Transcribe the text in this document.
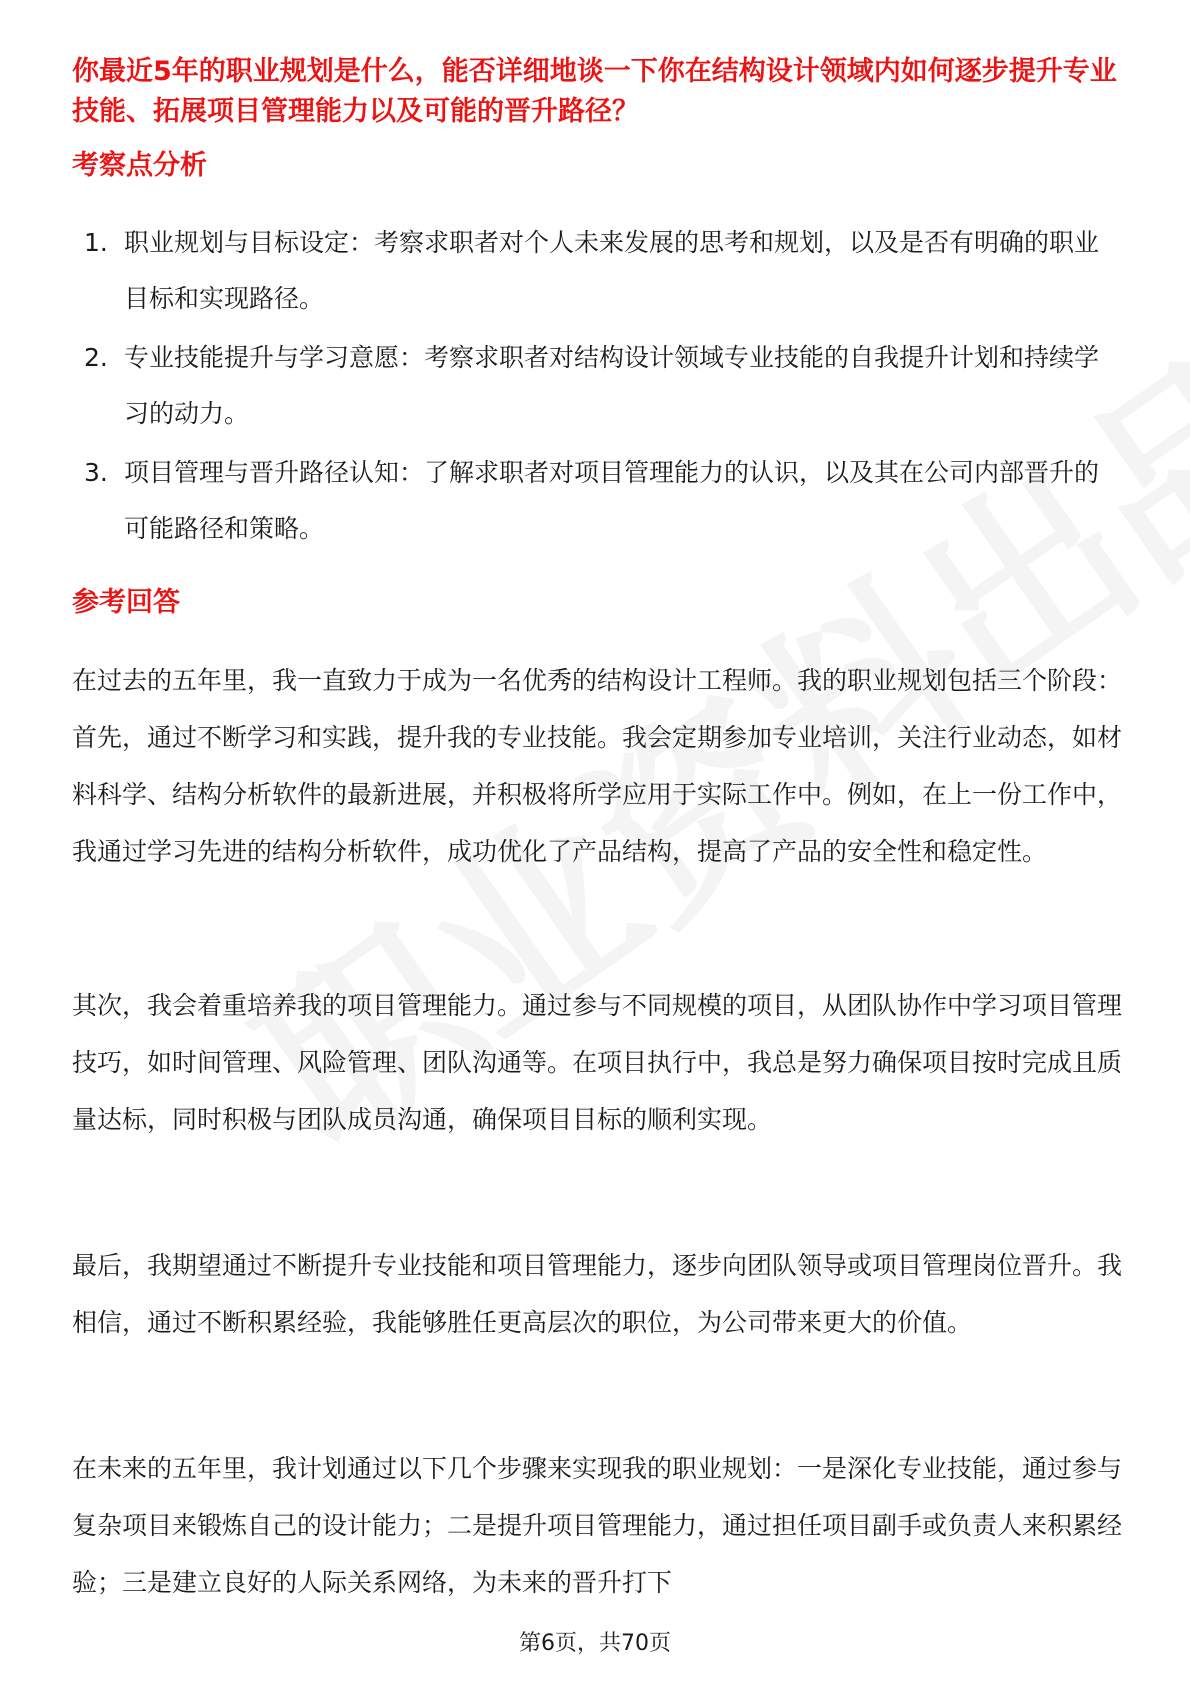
你最近5年的职业规划是什么，能否详细地谈一下你在结构设计领域内如何逐步提升专业技能、拓展项目管理能力以及可能的晋升路径？

考察点分析
1. 职业规划与目标设定：考察求职者对个人未来发展的思考和规划，以及是否有明确的职业目标和实现路径。
2. 专业技能提升与学习意愿：考察求职者对结构设计领域专业技能的自我提升计划和持续学习的动力。
3. 项目管理与晋升路径认知：了解求职者对项目管理能力的认识，以及其在公司内部晋升的可能路径和策略。
参考回答

在过去的五年里，我一直致力于成为一名优秀的结构设计工程师。我的职业规划包括三个阶段：首先，通过不断学习和实践，提升我的专业技能。我会定期参加专业培训，关注行业动态，如材料科学、结构分析软件的最新进展，并积极将所学应用于实际工作中。例如，在上一份工作中，我通过学习先进的结构分析软件，成功优化了产品结构，提高了产品的安全性和稳定性。

其次，我会着重培养我的项目管理能力。通过参与不同规模的项目，从团队协作中学习项目管理技巧，如时间管理、风险管理、团队沟通等。在项目执行中，我总是努力确保项目按时完成且质量达标，同时积极与团队成员沟通，确保项目目标的顺利实现。

最后，我期望通过不断提升专业技能和项目管理能力，逐步向团队领导或项目管理岗位晋升。我相信，通过不断积累经验，我能够胜任更高层次的职位，为公司带来更大的价值。

在未来的五年里，我计划通过以下几个步骤来实现我的职业规划：一是深化专业技能，通过参与复杂项目来锻炼自己的设计能力；二是提升项目管理能力，通过担任项目副手或负责人来积累经验；三是建立良好的人际关系网络，为未来的晋升打下

第6页，共70页
